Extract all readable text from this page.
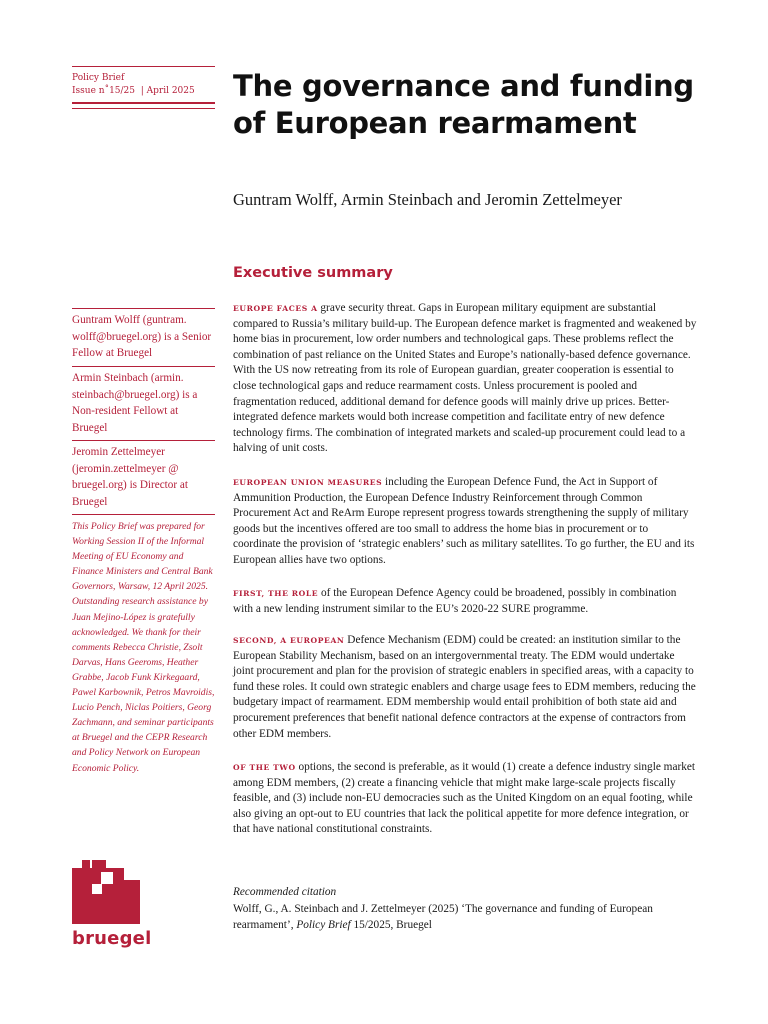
Policy Brief
Issue n˚15/25  | April 2025	The governance and funding
of European rearmament
Guntram Wolff, Armin Steinbach and Jeromin Zettelmeyer
Executive summary
Guntram Wolff (guntram. wolff@bruegel.org) is a Senior Fellow at Bruegel
Armin Steinbach (armin. steinbach@bruegel.org) is a Non-resident Fellowt at Bruegel
Jeromin Zettelmeyer (jeromin.zettelmeyer @ bruegel.org) is Director at Bruegel
This Policy Brief was prepared for Working Session II of the Informal Meeting of EU Economy and Finance Ministers and Central Bank Governors, Warsaw, 12 April 2025. Outstanding research assistance by Juan Mejino-López is gratefully acknowledged. We thank for their comments Rebecca Christie, Zsolt Darvas, Hans Geeroms, Heather Grabbe, Jacob Funk Kirkegaard, Pawel Karbownik, Petros Mavroidis, Lucio Pench, Niclas Poitiers, Georg Zachmann, and seminar participants at Bruegel and the CEPR Research and Policy Network on European Economic Policy.
EUROPE FACES A grave security threat. Gaps in European military equipment are substantial compared to Russia’s military build-up. The European defence market is fragmented and weakened by home bias in procurement, low order numbers and technological gaps. These problems reflect the combination of past reliance on the United States and Europe’s nationally-based defence governance. With the US now retreating from its role of European guardian, greater cooperation is essential to close technological gaps and reduce rearmament costs. Unless procurement is pooled and fragmentation reduced, additional demand for defence goods will mainly drive up prices. Better-integrated defence markets would both increase competition and facilitate entry of new defence technology firms. The combination of integrated markets and scaled-up procurement could lead to a halving of unit costs.
EUROPEAN UNION MEASURES including the European Defence Fund, the Act in Support of Ammunition Production, the European Defence Industry Reinforcement through Common Procurement Act and ReArm Europe represent progress towards strengthening the supply of military goods but the incentives offered are too small to address the home bias in procurement or to coordinate the provision of ‘strategic enablers’ such as military satellites. To go further, the EU and its European allies have two options.
FIRST, THE ROLE of the European Defence Agency could be broadened, possibly in combination with a new lending instrument similar to the EU’s 2020-22 SURE programme.
SECOND, A EUROPEAN Defence Mechanism (EDM) could be created: an institution similar to the European Stability Mechanism, based on an intergovernmental treaty. The EDM would undertake joint procurement and plan for the provision of strategic enablers in specified areas, with a capacity to fund these roles. It could own strategic enablers and charge usage fees to EDM members, reducing the budgetary impact of rearmament. EDM membership would entail prohibition of both state aid and procurement preferences that benefit national defence contractors at the expense of contractors from other EDM members.
OF THE TWO options, the second is preferable, as it would (1) create a defence industry single market among EDM members, (2) create a financing vehicle that might make large-scale projects fiscally feasible, and (3) include non-EU democracies such as the United Kingdom on an equal footing, while also giving an opt-out to EU countries that lack the political appetite for more defence integration, or that have national constitutional constraints.
Recommended citation
Wolff, G., A. Steinbach and J. Zettelmeyer (2025) ‘The governance and funding of European rearmament’, Policy Brief 15/2025, Bruegel
bruegel
